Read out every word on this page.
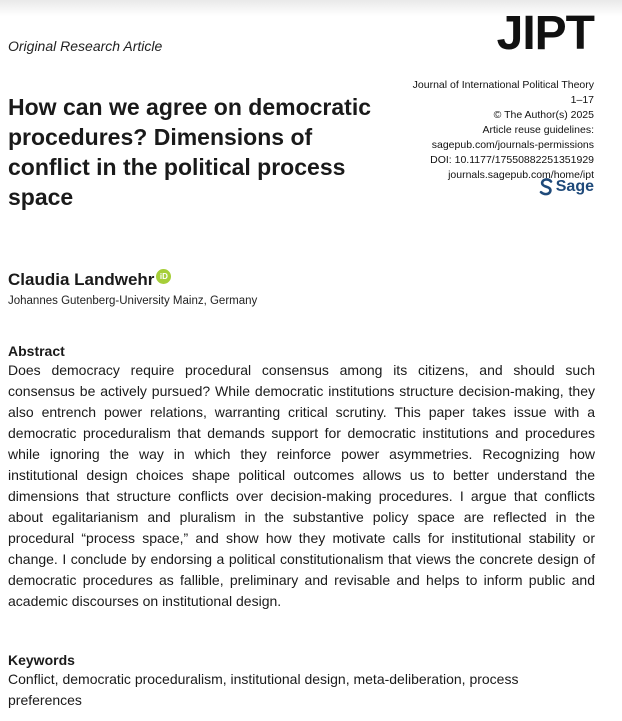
Original Research Article	JIPT
Journal of International Political Theory
1–17
© The Author(s) 2025
Article reuse guidelines:
sagepub.com/journals-permissions
DOI: 10.1177/17550882251351929
journals.sagepub.com/home/ipt
Sage
How can we agree on democratic procedures? Dimensions of conflict in the political process space
Claudia Landwehr iD
Johannes Gutenberg-University Mainz, Germany
Abstract

Does democracy require procedural consensus among its citizens, and should such consensus be actively pursued? While democratic institutions structure decision-making, they also entrench power relations, warranting critical scrutiny. This paper takes issue with a democratic proceduralism that demands support for democratic institutions and procedures while ignoring the way in which they reinforce power asymmetries. Recognizing how institutional design choices shape political outcomes allows us to better understand the dimensions that structure conflicts over decision-making procedures. I argue that conflicts about egalitarianism and pluralism in the substantive policy space are reflected in the procedural “process space,” and show how they motivate calls for institutional stability or change. I conclude by endorsing a political constitutionalism that views the concrete design of democratic procedures as fallible, preliminary and revisable and helps to inform public and academic discourses on institutional design.

Keywords

Conflict, democratic proceduralism, institutional design, meta-deliberation, process preferences
